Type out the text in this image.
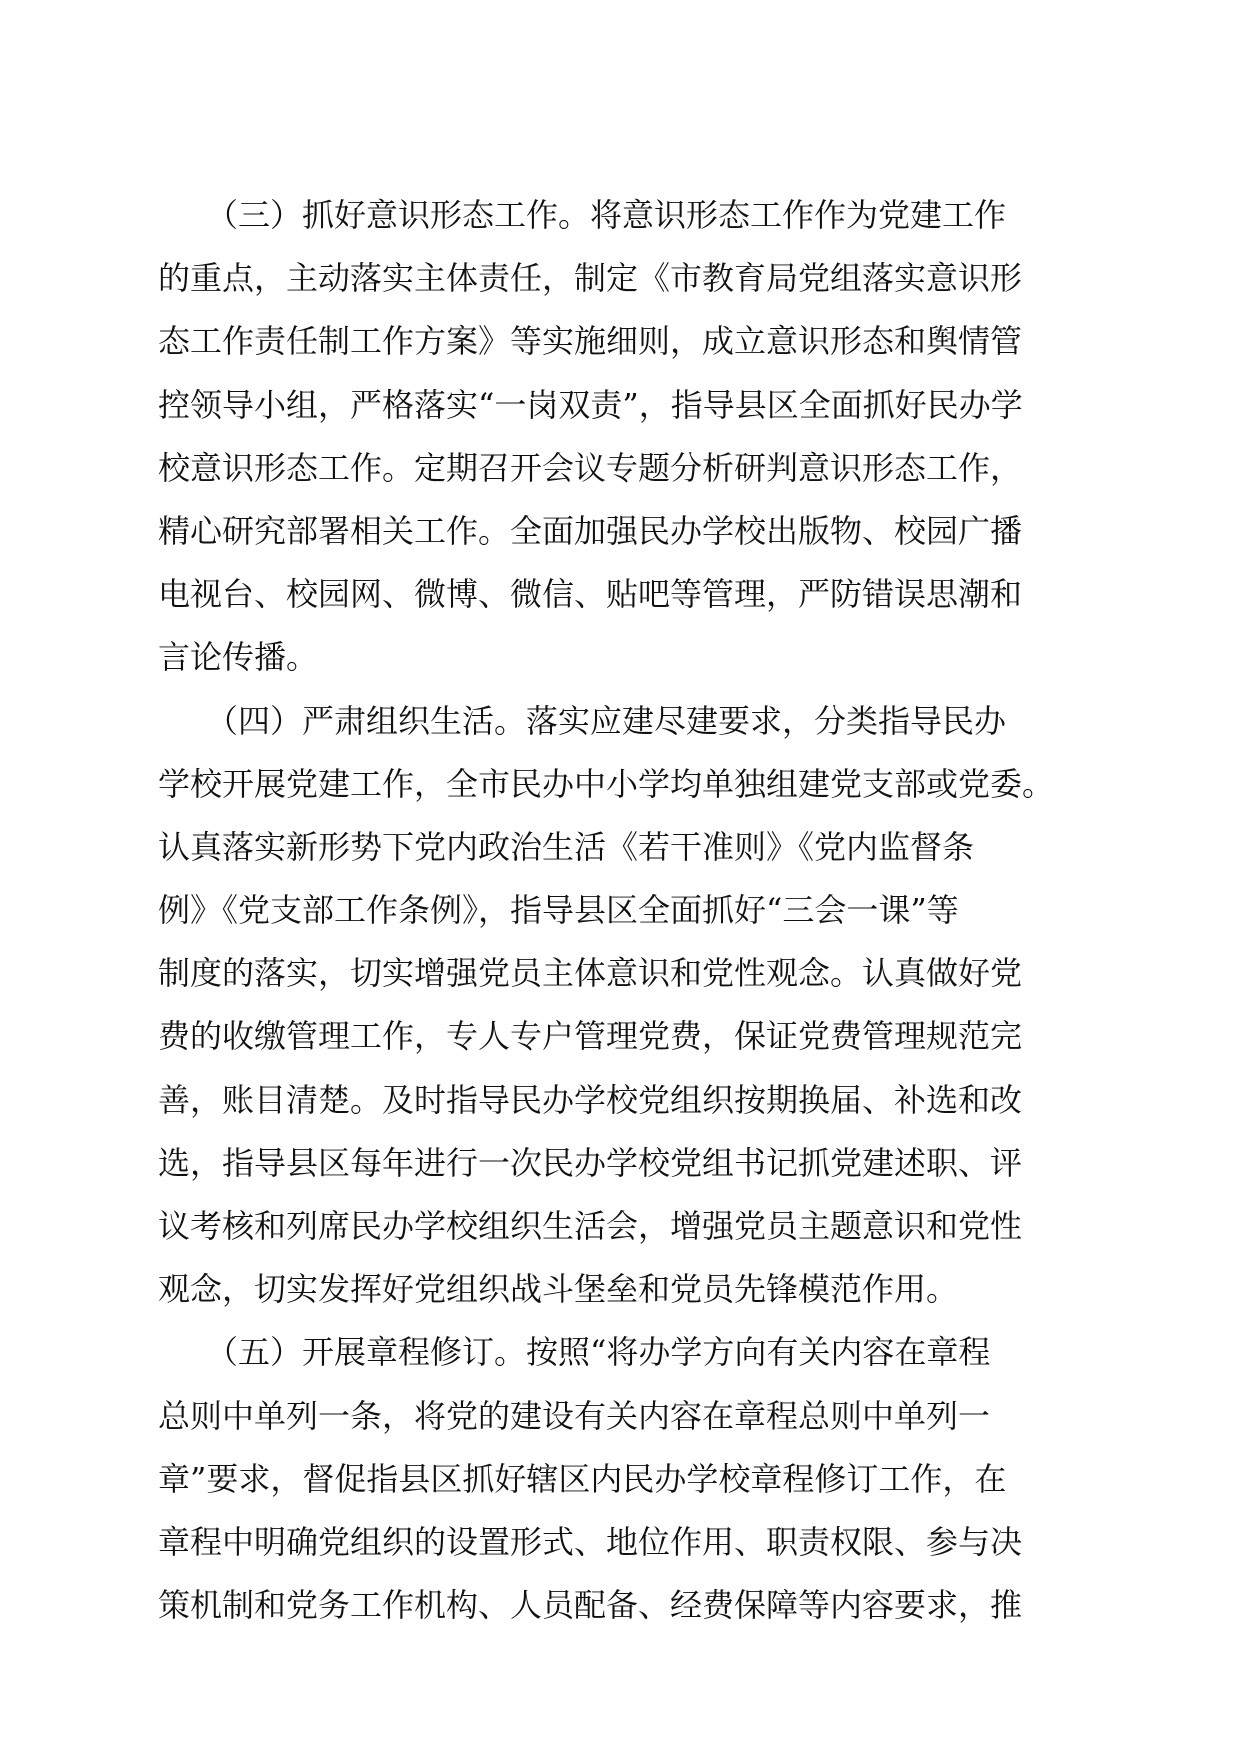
　　（三）抓好意识形态工作。将意识形态工作作为党建工作
的重点，主动落实主体责任，制定《市教育局党组落实意识形
态工作责任制工作方案》等实施细则，成立意识形态和舆情管
控领导小组，严格落实“一岗双责”，指导县区全面抓好民办学
校意识形态工作。定期召开会议专题分析研判意识形态工作，
精心研究部署相关工作。全面加强民办学校出版物、校园广播
电视台、校园网、微博、微信、贴吧等管理，严防错误思潮和
言论传播。
　　（四）严肃组织生活。落实应建尽建要求，分类指导民办
学校开展党建工作，全市民办中小学均单独组建党支部或党委。
认真落实新形势下党内政治生活《若干准则》《党内监督条
例》《党支部工作条例》，指导县区全面抓好“三会一课”等
制度的落实，切实增强党员主体意识和党性观念。认真做好党
费的收缴管理工作，专人专户管理党费，保证党费管理规范完
善，账目清楚。及时指导民办学校党组织按期换届、补选和改
选，指导县区每年进行一次民办学校党组书记抓党建述职、评
议考核和列席民办学校组织生活会，增强党员主题意识和党性
观念，切实发挥好党组织战斗堡垒和党员先锋模范作用。
　　（五）开展章程修订。按照“将办学方向有关内容在章程
总则中单列一条，将党的建设有关内容在章程总则中单列一
章”要求，督促指县区抓好辖区内民办学校章程修订工作，在
章程中明确党组织的设置形式、地位作用、职责权限、参与决
策机制和党务工作机构、人员配备、经费保障等内容要求，推
